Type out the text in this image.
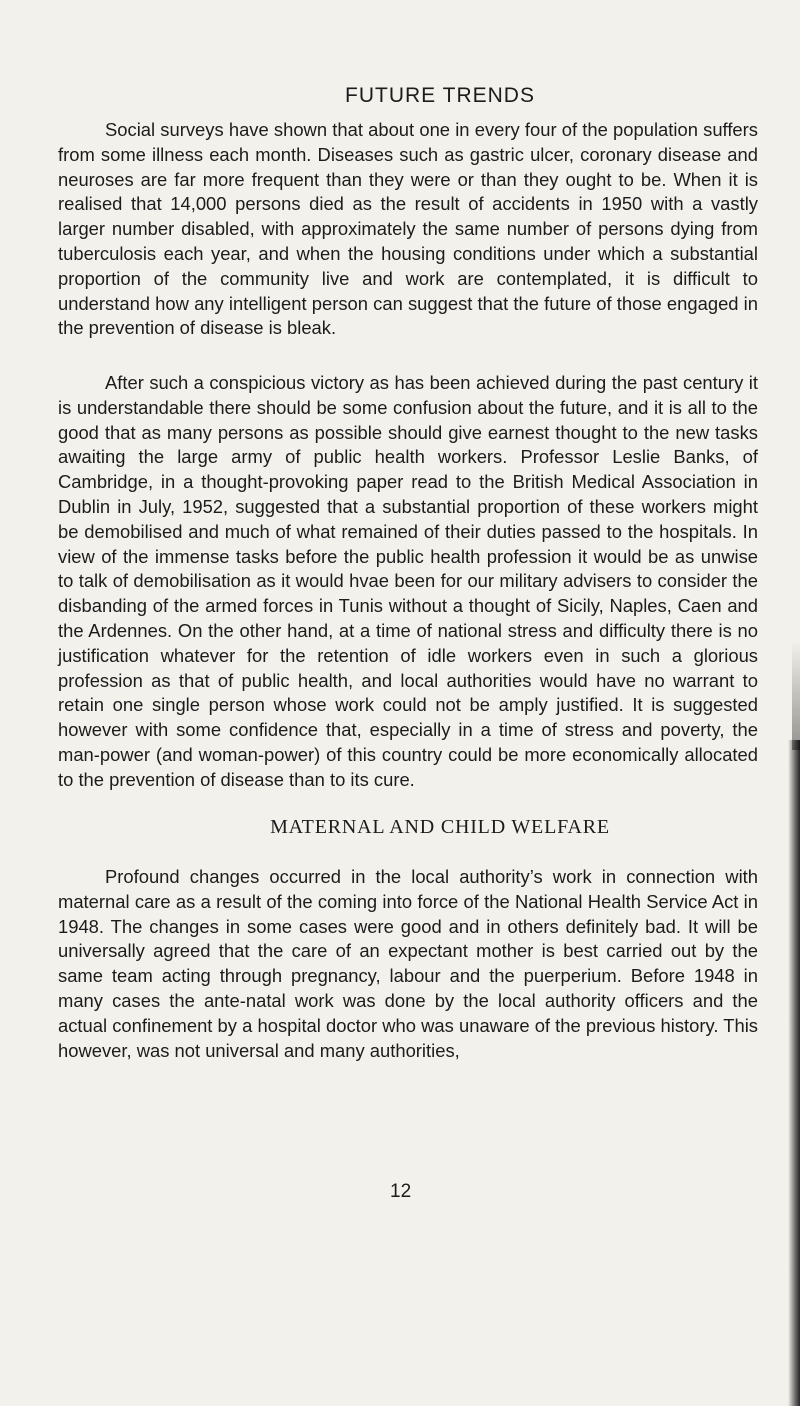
FUTURE TRENDS

Social surveys have shown that about one in every four of the population suffers from some illness each month. Diseases such as gastric ulcer, coronary disease and neuroses are far more frequent than they were or than they ought to be. When it is realised that 14,000 persons died as the result of accidents in 1950 with a vastly larger number disabled, with approximately the same number of persons dying from tuberculosis each year, and when the housing conditions under which a substantial proportion of the community live and work are contemplated, it is difficult to understand how any intelligent person can suggest that the future of those engaged in the prevention of disease is bleak.

After such a conspicious victory as has been achieved during the past century it is understandable there should be some confusion about the future, and it is all to the good that as many persons as possible should give earnest thought to the new tasks awaiting the large army of public health workers. Professor Leslie Banks, of Cambridge, in a thought-provoking paper read to the British Medical Association in Dublin in July, 1952, suggested that a substantial proportion of these workers might be demobilised and much of what remained of their duties passed to the hospitals. In view of the immense tasks before the public health profession it would be as unwise to talk of demobilisation as it would hvae been for our military advisers to consider the disbanding of the armed forces in Tunis without a thought of Sicily, Naples, Caen and the Ardennes. On the other hand, at a time of national stress and difficulty there is no justification whatever for the retention of idle workers even in such a glorious profession as that of public health, and local authorities would have no warrant to retain one single person whose work could not be amply justified. It is suggested however with some confidence that, especially in a time of stress and poverty, the man-power (and woman-power) of this country could be more economically allocated to the prevention of disease than to its cure.

MATERNAL AND CHILD WELFARE

Profound changes occurred in the local authority’s work in connection with maternal care as a result of the coming into force of the National Health Service Act in 1948. The changes in some cases were good and in others definitely bad. It will be universally agreed that the care of an expectant mother is best carried out by the same team acting through pregnancy, labour and the puerperium. Before 1948 in many cases the ante-natal work was done by the local authority officers and the actual confinement by a hospital doctor who was unaware of the previous history. This however, was not universal and many authorities,

12
